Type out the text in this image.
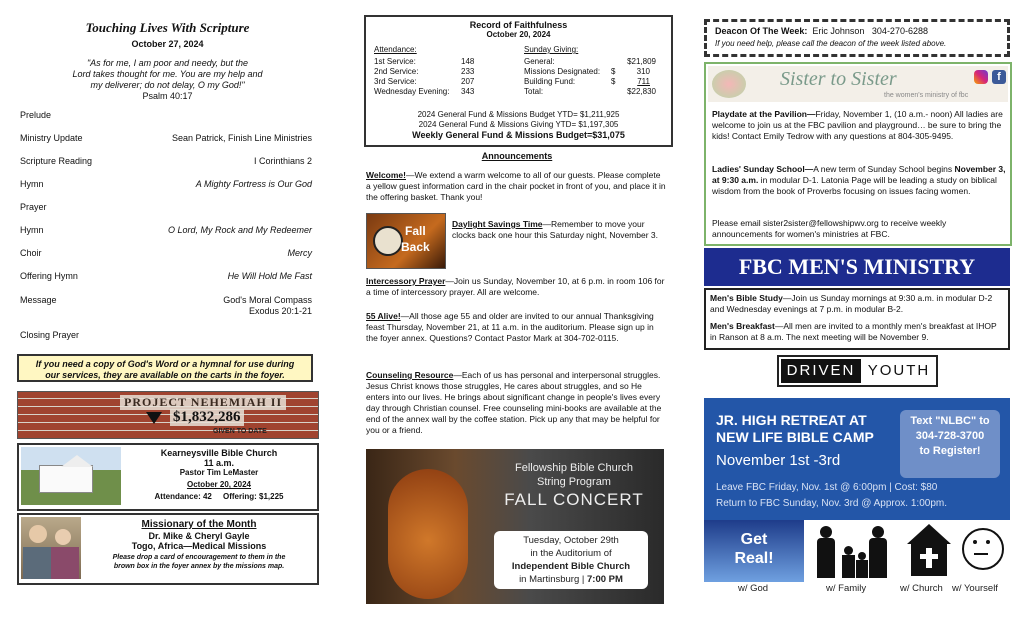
Touching Lives With Scripture
October 27, 2024
"As for me, I am poor and needy, but the
Lord takes thought for me. You are my help and
my deliverer; do not delay, O my God!"
Psalm 40:17
Prelude
Ministry Update	Sean Patrick, Finish Line Ministries
Scripture Reading	I Corinthians 2
Hymn	A Mighty Fortress is Our God
Prayer
Hymn	O Lord, My Rock and My Redeemer
Choir	Mercy
Offering Hymn	He Will Hold Me Fast
Message	God's Moral Compass
Exodus 20:1-21
Closing Prayer
If you need a copy of God's Word or a hymnal for use during
our services, they are available on the carts in the foyer.
PROJECT NEHEMIAH II
$1,832,286
GIVEN TO DATE
Kearneysville Bible Church
11 a.m.
Pastor Tim LeMaster
October 20, 2024
Attendance: 42 Offering: $1,225
Missionary of the Month
Dr. Mike & Cheryl Gayle
Togo, Africa—Medical Missions
Please drop a card of encouragement to them in the
brown box in the foyer annex by the missions map.
Record of Faithfulness
October 20, 2024
Attendance:
1st Service:	148
2nd Service:	233
3rd Service:	207
Wednesday Evening: 343
Sunday Giving:
General:	$21,809
Missions Designated: $	310
Building Fund:	$	711
Total:	$22,830
2024 General Fund & Missions Budget YTD= $1,211,925
2024 General Fund & Missions Giving YTD= $1,197,305
Weekly General Fund & Missions Budget=$31,075
Announcements
Welcome!—We extend a warm welcome to all of our guests. Please complete a yellow guest information card in the chair pocket in front of you, and place it in the offering basket. Thank you!
Fall
Back
Daylight Savings Time—Remember to move your clocks back one hour this Saturday night, November 3.
Intercessory Prayer—Join us Sunday, November 10, at 6 p.m. in room 106 for a time of intercessory prayer. All are welcome.
55 Alive!—All those age 55 and older are invited to our annual Thanksgiving feast Thursday, November 21, at 11 a.m. in the auditorium. Please sign up in the foyer annex. Questions? Contact Pastor Mark at 304-702-0115.
Counseling Resource—Each of us has personal and interpersonal struggles. Jesus Christ knows those struggles, He cares about struggles, and so He enters into our lives. He brings about significant change in people's lives every day through Christian counsel. Free counseling mini-books are available at the end of the annex wall by the coffee station. Pick up any that may be helpful for you or a friend.
Fellowship Bible Church
String Program
FALL CONCERT
Tuesday, October 29th
in the Auditorium of
Independent Bible Church
in Martinsburg | 7:00 PM
Deacon Of The Week: Eric Johnson 304-270-6288
If you need help, please call the deacon of the week listed above.
Sister to Sister
the women's ministry of fbc
f
Playdate at the Pavilion—Friday, November 1, (10 a.m.- noon) All ladies are welcome to join us at the FBC pavilion and playground… be sure to bring the kids! Contact Emily Tedrow with any questions at 804-305-9495.
Ladies' Sunday School—A new term of Sunday School begins November 3, at 9:30 a.m. in modular D-1. Latonia Page will be leading a study on biblical wisdom from the book of Proverbs focusing on issues facing women.
Please email sister2sister@fellowshipwv.org to receive weekly announcements for women's ministries at FBC.
FBC MEN'S MINISTRY
Men's Bible Study—Join us Sunday mornings at 9:30 a.m. in modular D-2 and Wednesday evenings at 7 p.m. in modular B-2.
Men's Breakfast—All men are invited to a monthly men's breakfast at IHOP in Ranson at 8 a.m. The next meeting will be November 9.
DRIVEN YOUTH
JR. HIGH RETREAT AT
NEW LIFE BIBLE CAMP
November 1st -3rd
Text "NLBC" to
304-728-3700
to Register!
Leave FBC Friday, Nov. 1st @ 6:00pm | Cost: $80
Return to FBC Sunday, Nov. 3rd @ Approx. 1:00pm.
Get
Real!
w/ God	w/ Family	w/ Church w/ Yourself
